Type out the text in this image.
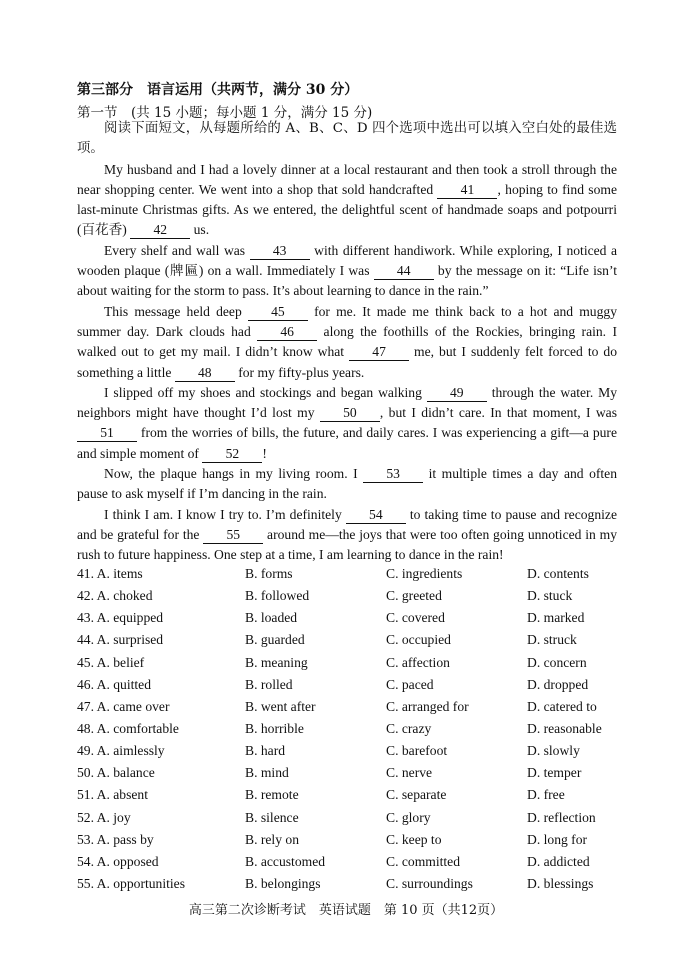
第三部分　语言运用（共两节，满分 30 分）
第一节　(共 15 小题；每小题 1 分，满分 15 分)

阅读下面短文，从每题所给的 A、B、C、D 四个选项中选出可以填入空白处的最佳选项。

My husband and I had a lovely dinner at a local restaurant and then took a stroll through the near shopping center. We went into a shop that sold handcrafted 41 , hoping to find some last-minute Christmas gifts. As we entered, the delightful scent of handmade soaps and potpourri (百花香) 42 us.

Every shelf and wall was 43 with different handiwork. While exploring, I noticed a wooden plaque (牌匾) on a wall. Immediately I was 44 by the message on it: “Life isn’t about waiting for the storm to pass. It’s about learning to dance in the rain.”

This message held deep 45 for me. It made me think back to a hot and muggy summer day. Dark clouds had 46 along the foothills of the Rockies, bringing rain. I walked out to get my mail. I didn’t know what 47 me, but I suddenly felt forced to do something a little 48 for my fifty-plus years.

I slipped off my shoes and stockings and began walking 49 through the water. My neighbors might have thought I’d lost my 50 , but I didn’t care. In that moment, I was 51 from the worries of bills, the future, and daily cares. I was experiencing a gift—a pure and simple moment of 52 !

Now, the plaque hangs in my living room. I 53 it multiple times a day and often pause to ask myself if I’m dancing in the rain.

I think I am. I know I try to. I’m definitely 54 to taking time to pause and recognize and be grateful for the 55 around me—the joys that were too often going unnoticed in my rush to future happiness. One step at a time, I am learning to dance in the rain!

41. A. items	B. forms	C. ingredients	D. contents
42. A. choked	B. followed	C. greeted	D. stuck
43. A. equipped	B. loaded	C. covered	D. marked
44. A. surprised	B. guarded	C. occupied	D. struck
45. A. belief	B. meaning	C. affection	D. concern
46. A. quitted	B. rolled	C. paced	D. dropped
47. A. came over	B. went after	C. arranged for	D. catered to
48. A. comfortable	B. horrible	C. crazy	D. reasonable
49. A. aimlessly	B. hard	C. barefoot	D. slowly
50. A. balance	B. mind	C. nerve	D. temper
51. A. absent	B. remote	C. separate	D. free
52. A. joy	B. silence	C. glory	D. reflection
53. A. pass by	B. rely on	C. keep to	D. long for
54. A. opposed	B. accustomed	C. committed	D. addicted
55. A. opportunities	B. belongings	C. surroundings	D. blessings
高三第二次诊断考试　英语试题　第 10 页（共12页）
